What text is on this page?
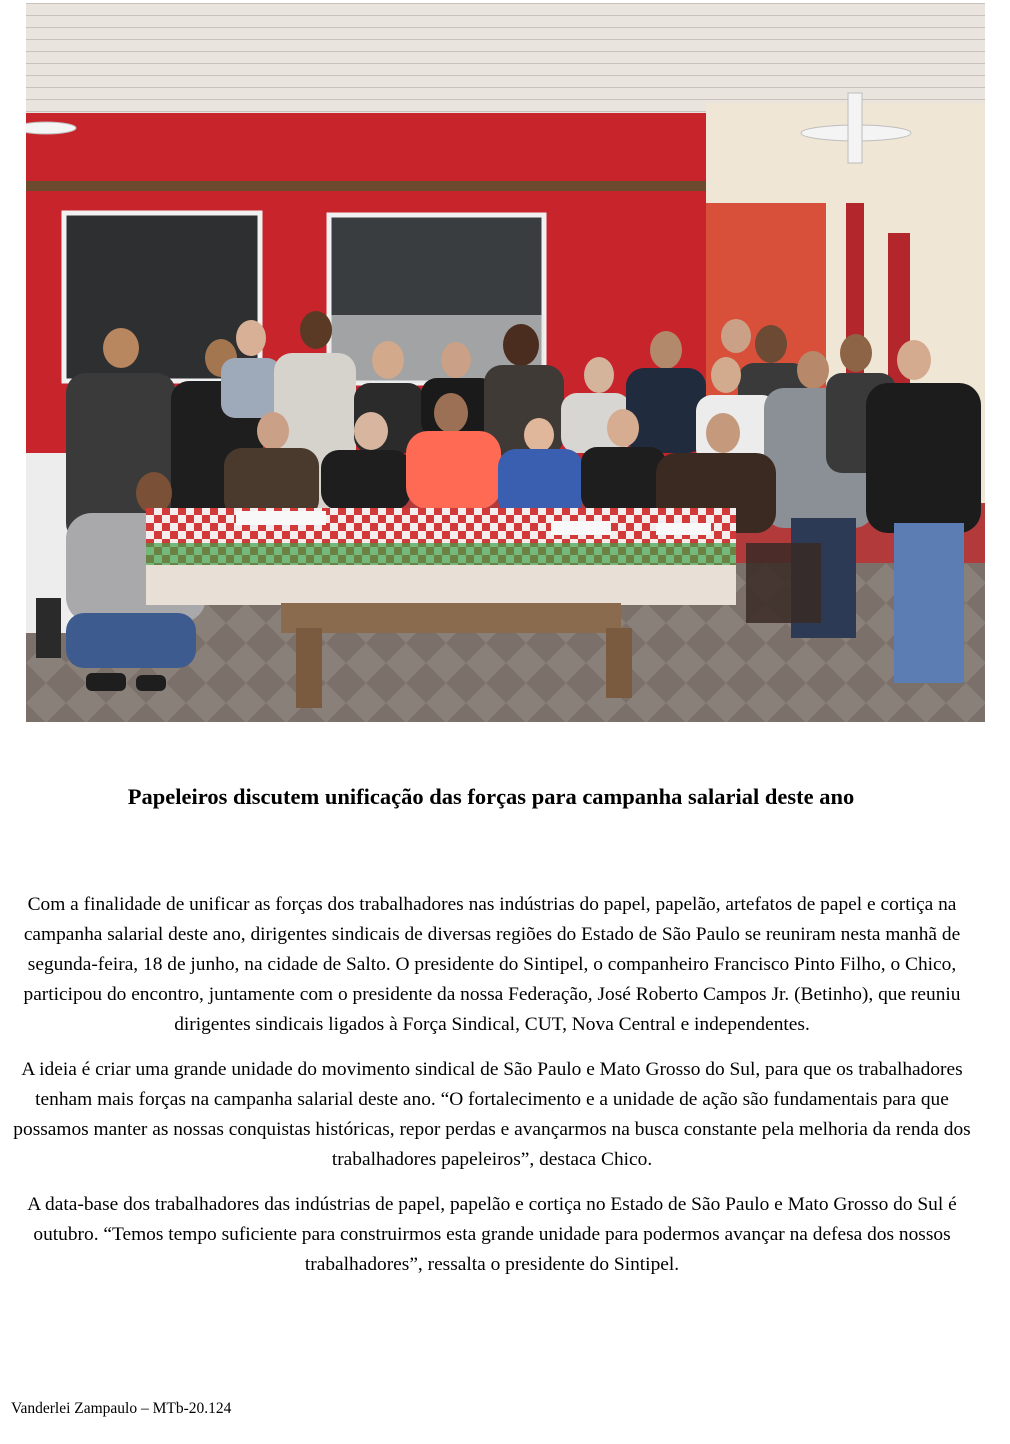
Papeleiros discutem unificação das forças para campanha salarial deste ano

Com a finalidade de unificar as forças dos trabalhadores nas indústrias do papel, papelão, artefatos de papel e cortiça na campanha salarial deste ano, dirigentes sindicais de diversas regiões do Estado de São Paulo se reuniram nesta manhã de segunda-feira, 18 de junho, na cidade de Salto. O presidente do Sintipel, o companheiro Francisco Pinto Filho, o Chico, participou do encontro, juntamente com o presidente da nossa Federação, José Roberto Campos Jr. (Betinho), que reuniu dirigentes sindicais ligados à Força Sindical, CUT, Nova Central e independentes.

A ideia é criar uma grande unidade do movimento sindical de São Paulo e Mato Grosso do Sul, para que os trabalhadores tenham mais forças na campanha salarial deste ano. “O fortalecimento e a unidade de ação são fundamentais para que possamos manter as nossas conquistas históricas, repor perdas e avançarmos na busca constante pela melhoria da renda dos trabalhadores papeleiros”, destaca Chico.

A data-base dos trabalhadores das indústrias de papel, papelão e cortiça no Estado de São Paulo e Mato Grosso do Sul é outubro. “Temos tempo suficiente para construirmos esta grande unidade para podermos avançar na defesa dos nossos trabalhadores”, ressalta o presidente do Sintipel.

Vanderlei Zampaulo – MTb-20.124
